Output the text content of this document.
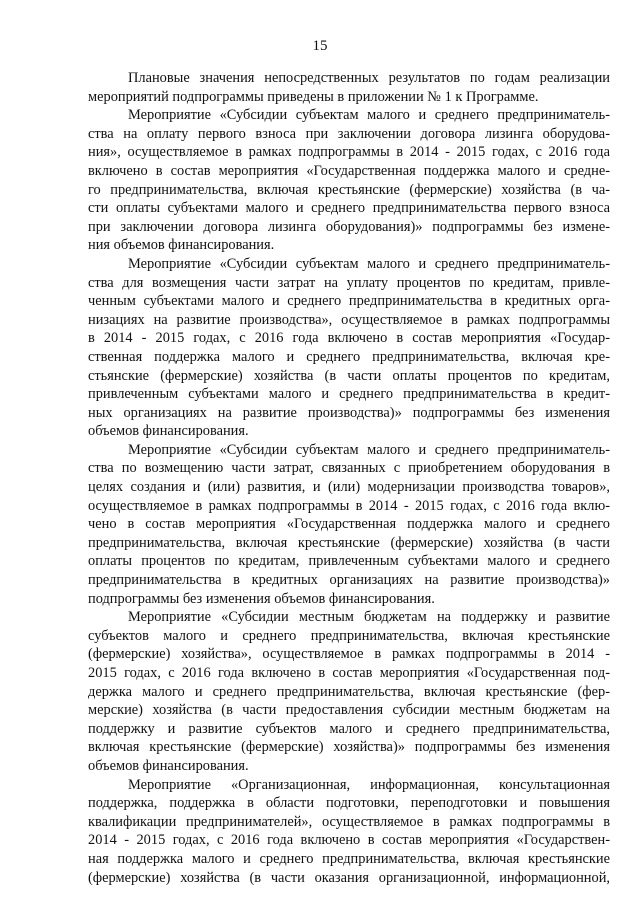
15
Плановые значения непосредственных результатов по годам реализации
мероприятий подпрограммы приведены в приложении № 1 к Программе.
Мероприятие «Субсидии субъектам малого и среднего предприниматель-
ства на оплату первого взноса при заключении договора лизинга оборудова-
ния», осуществляемое в рамках подпрограммы в 2014 - 2015 годах, с 2016 года
включено в состав мероприятия «Государственная поддержка малого и средне-
го предпринимательства, включая крестьянские (фермерские) хозяйства (в ча-
сти оплаты субъектами малого и среднего предпринимательства первого взноса
при заключении договора лизинга оборудования)» подпрограммы без измене-
ния объемов финансирования.
Мероприятие «Субсидии субъектам малого и среднего предприниматель-
ства для возмещения части затрат на уплату процентов по кредитам, привле-
ченным субъектами малого и среднего предпринимательства в кредитных орга-
низациях на развитие производства», осуществляемое в рамках подпрограммы
в 2014 - 2015 годах, с 2016 года включено в состав мероприятия «Государ-
ственная поддержка малого и среднего предпринимательства, включая кре-
стьянские (фермерские) хозяйства (в части оплаты процентов по кредитам,
привлеченным субъектами малого и среднего предпринимательства в кредит-
ных организациях на развитие производства)» подпрограммы без изменения
объемов финансирования.
Мероприятие «Субсидии субъектам малого и среднего предприниматель-
ства по возмещению части затрат, связанных с приобретением оборудования в
целях создания и (или) развития, и (или) модернизации производства товаров»,
осуществляемое в рамках подпрограммы в 2014 - 2015 годах, с 2016 года вклю-
чено в состав мероприятия «Государственная поддержка малого и среднего
предпринимательства, включая крестьянские (фермерские) хозяйства (в части
оплаты процентов по кредитам, привлеченным субъектами малого и среднего
предпринимательства в кредитных организациях на развитие производства)»
подпрограммы без изменения объемов финансирования.
Мероприятие «Субсидии местным бюджетам на поддержку и развитие
субъектов малого и среднего предпринимательства, включая крестьянские
(фермерские) хозяйства», осуществляемое в рамках подпрограммы в 2014 -
2015 годах, с 2016 года включено в состав мероприятия «Государственная под-
держка малого и среднего предпринимательства, включая крестьянские (фер-
мерские) хозяйства (в части предоставления субсидии местным бюджетам на
поддержку и развитие субъектов малого и среднего предпринимательства,
включая крестьянские (фермерские) хозяйства)» подпрограммы без изменения
объемов финансирования.
Мероприятие «Организационная, информационная, консультационная
поддержка, поддержка в области подготовки, переподготовки и повышения
квалификации предпринимателей», осуществляемое в рамках подпрограммы в
2014 - 2015 годах, с 2016 года включено в состав мероприятия «Государствен-
ная поддержка малого и среднего предпринимательства, включая крестьянские
(фермерские) хозяйства (в части оказания организационной, информационной,
